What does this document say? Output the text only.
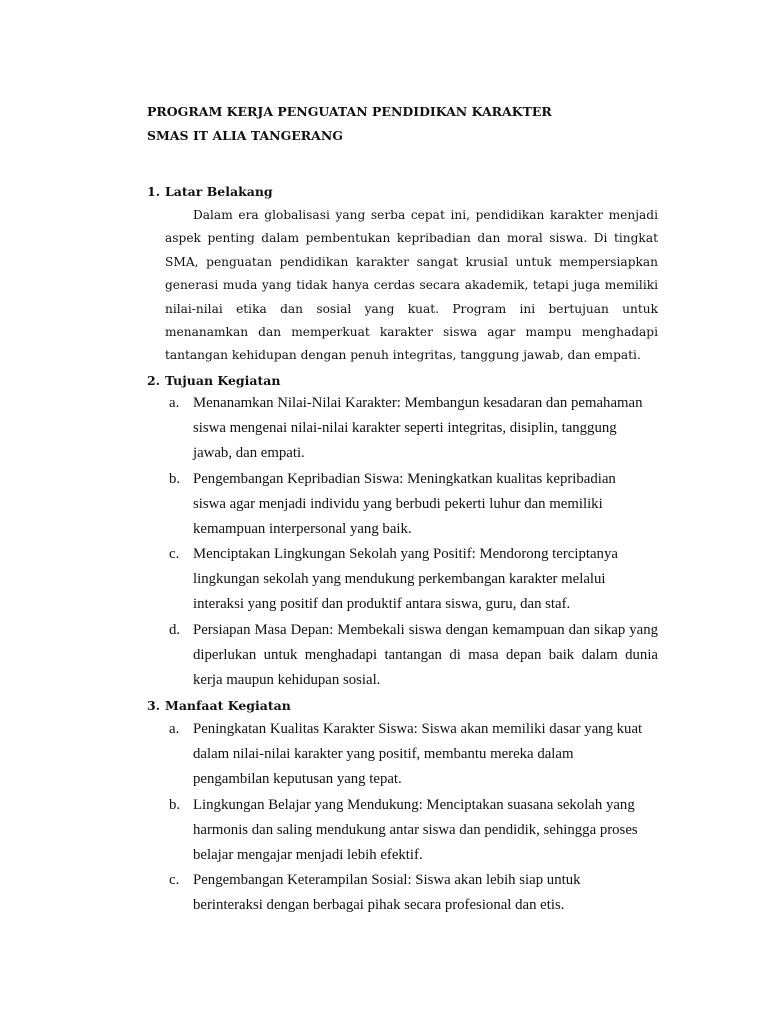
PROGRAM KERJA PENGUATAN PENDIDIKAN KARAKTER
SMAS IT ALIA TANGERANG
1. Latar Belakang

Dalam era globalisasi yang serba cepat ini, pendidikan karakter menjadi aspek penting dalam pembentukan kepribadian dan moral siswa. Di tingkat SMA, penguatan pendidikan karakter sangat krusial untuk mempersiapkan generasi muda yang tidak hanya cerdas secara akademik, tetapi juga memiliki nilai-nilai etika dan sosial yang kuat. Program ini bertujuan untuk menanamkan dan memperkuat karakter siswa agar mampu menghadapi tantangan kehidupan dengan penuh integritas, tanggung jawab, dan empati.

2. Tujuan Kegiatan
a. Menanamkan Nilai-Nilai Karakter: Membangun kesadaran dan pemahaman siswa mengenai nilai-nilai karakter seperti integritas, disiplin, tanggung jawab, dan empati.
b. Pengembangan Kepribadian Siswa: Meningkatkan kualitas kepribadian siswa agar menjadi individu yang berbudi pekerti luhur dan memiliki kemampuan interpersonal yang baik.
c. Menciptakan Lingkungan Sekolah yang Positif: Mendorong terciptanya lingkungan sekolah yang mendukung perkembangan karakter melalui interaksi yang positif dan produktif antara siswa, guru, dan staf.
d. Persiapan Masa Depan: Membekali siswa dengan kemampuan dan sikap yang diperlukan untuk menghadapi tantangan di masa depan baik dalam dunia kerja maupun kehidupan sosial.
3. Manfaat Kegiatan
a. Peningkatan Kualitas Karakter Siswa: Siswa akan memiliki dasar yang kuat dalam nilai-nilai karakter yang positif, membantu mereka dalam pengambilan keputusan yang tepat.
b. Lingkungan Belajar yang Mendukung: Menciptakan suasana sekolah yang harmonis dan saling mendukung antar siswa dan pendidik, sehingga proses belajar mengajar menjadi lebih efektif.
c. Pengembangan Keterampilan Sosial: Siswa akan lebih siap untuk berinteraksi dengan berbagai pihak secara profesional dan etis.
